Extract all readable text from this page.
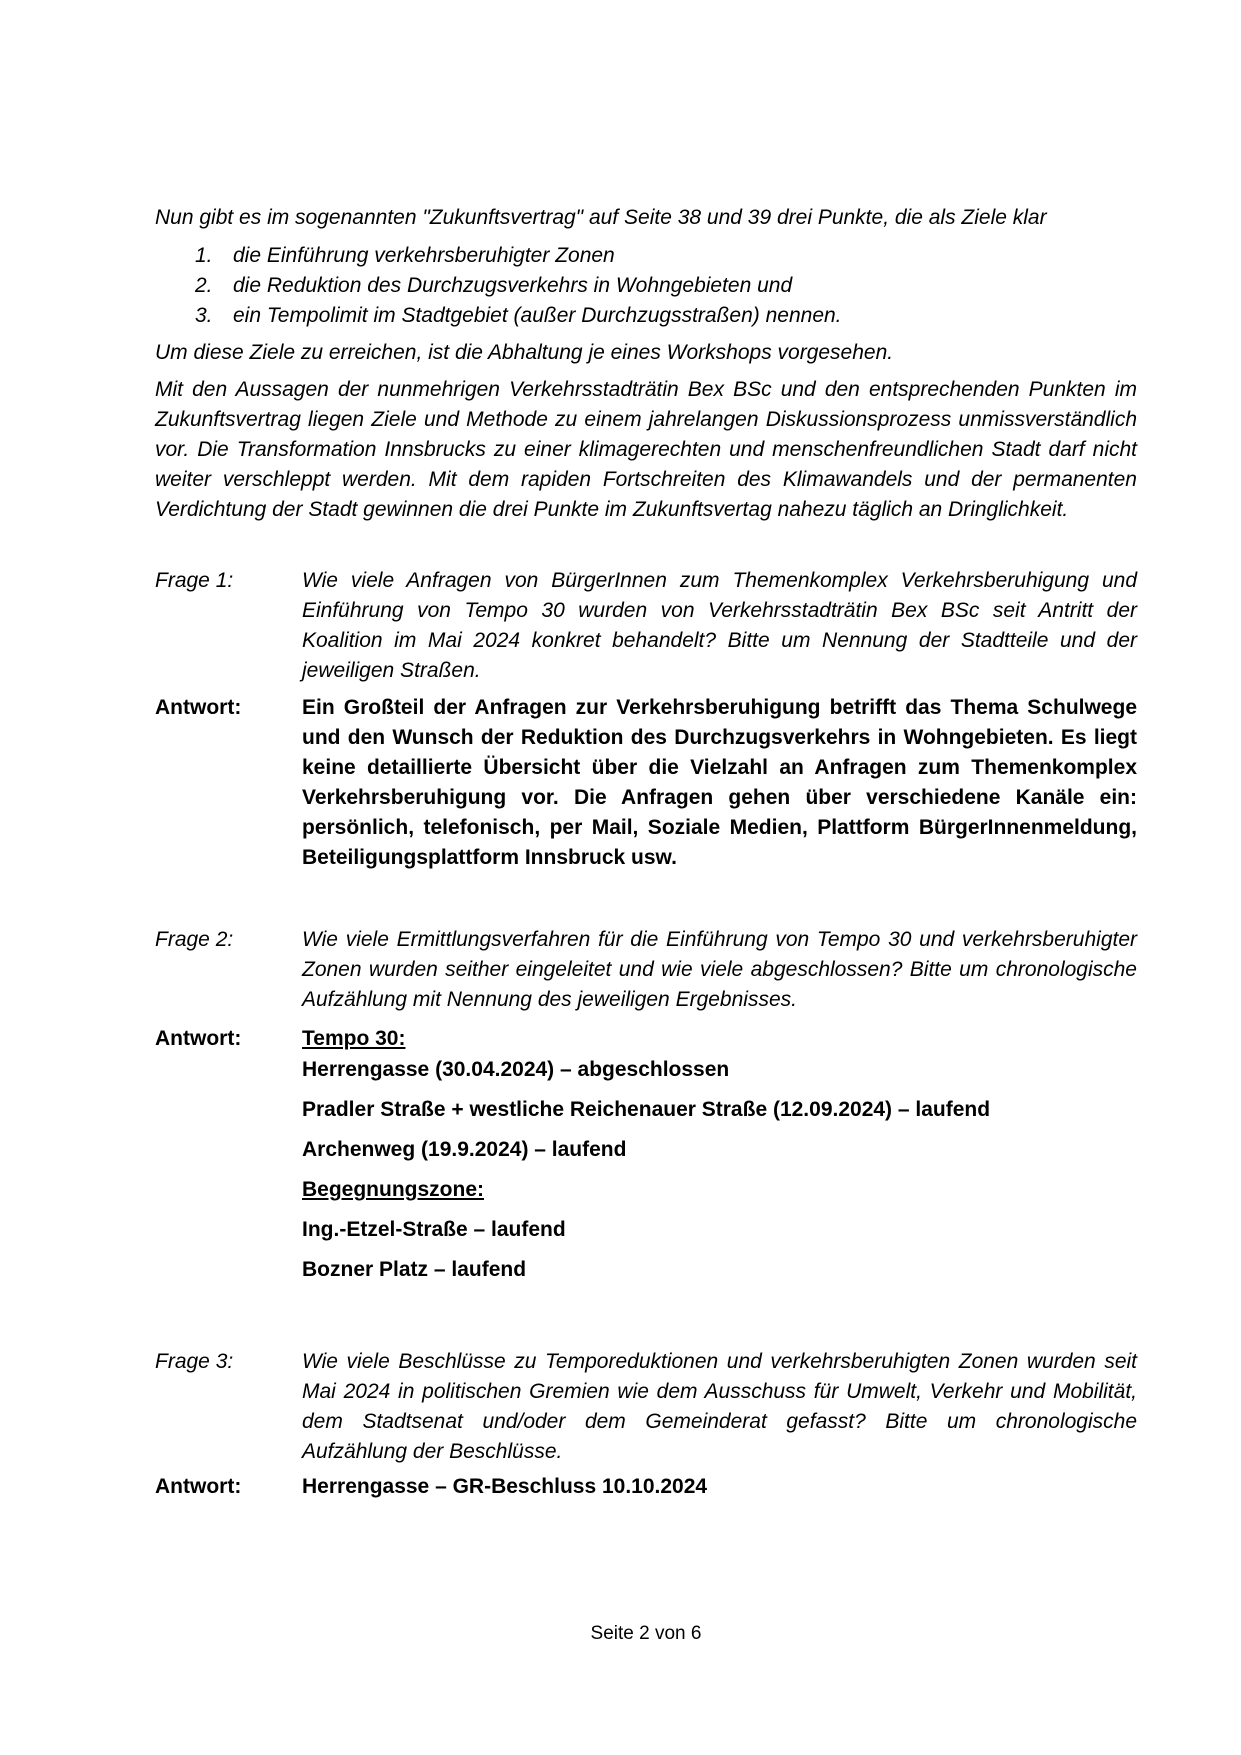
Nun gibt es im sogenannten "Zukunftsvertrag" auf Seite 38 und 39 drei Punkte, die als Ziele klar

1. die Einführung verkehrsberuhigter Zonen
2. die Reduktion des Durchzugsverkehrs in Wohngebieten und
3. ein Tempolimit im Stadtgebiet (außer Durchzugsstraßen) nennen.

Um diese Ziele zu erreichen, ist die Abhaltung je eines Workshops vorgesehen.

Mit den Aussagen der nunmehrigen Verkehrsstadträtin Bex BSc und den entsprechenden Punkten im Zukunftsvertrag liegen Ziele und Methode zu einem jahrelangen Diskussionsprozess unmissverständlich vor. Die Transformation Innsbrucks zu einer klimagerechten und menschenfreundlichen Stadt darf nicht weiter verschleppt werden. Mit dem rapiden Fortschreiten des Klimawandels und der permanenten Verdichtung der Stadt gewinnen die drei Punkte im Zukunftsvertag nahezu täglich an Dringlichkeit.

Frage 1:	Wie viele Anfragen von BürgerInnen zum Themenkomplex Verkehrsberuhigung und Einführung von Tempo 30 wurden von Verkehrsstadträtin Bex BSc seit Antritt der Koalition im Mai 2024 konkret behandelt? Bitte um Nennung der Stadtteile und der jeweiligen Straßen.
Antwort:	Ein Großteil der Anfragen zur Verkehrsberuhigung betrifft das Thema Schulwege und den Wunsch der Reduktion des Durchzugsverkehrs in Wohngebieten. Es liegt keine detaillierte Übersicht über die Vielzahl an Anfragen zum Themenkomplex Verkehrsberuhigung vor. Die Anfragen gehen über verschiedene Kanäle ein: persönlich, telefonisch, per Mail, Soziale Medien, Plattform BürgerInnenmeldung, Beteiligungsplattform Innsbruck usw.
Frage 2:	Wie viele Ermittlungsverfahren für die Einführung von Tempo 30 und verkehrsberuhigter Zonen wurden seither eingeleitet und wie viele abgeschlossen? Bitte um chronologische Aufzählung mit Nennung des jeweiligen Ergebnisses.
Antwort:	Tempo 30:
Herrengasse (30.04.2024) – abgeschlossen
Pradler Straße + westliche Reichenauer Straße (12.09.2024) – laufend
Archenweg (19.9.2024) – laufend
Begegnungszone:
Ing.-Etzel-Straße – laufend
Bozner Platz – laufend
Frage 3:	Wie viele Beschlüsse zu Temporeduktionen und verkehrsberuhigten Zonen wurden seit Mai 2024 in politischen Gremien wie dem Ausschuss für Umwelt, Verkehr und Mobilität, dem Stadtsenat und/oder dem Gemeinderat gefasst? Bitte um chronologische Aufzählung der Beschlüsse.
Antwort:	Herrengasse – GR-Beschluss 10.10.2024
Seite 2 von 6
